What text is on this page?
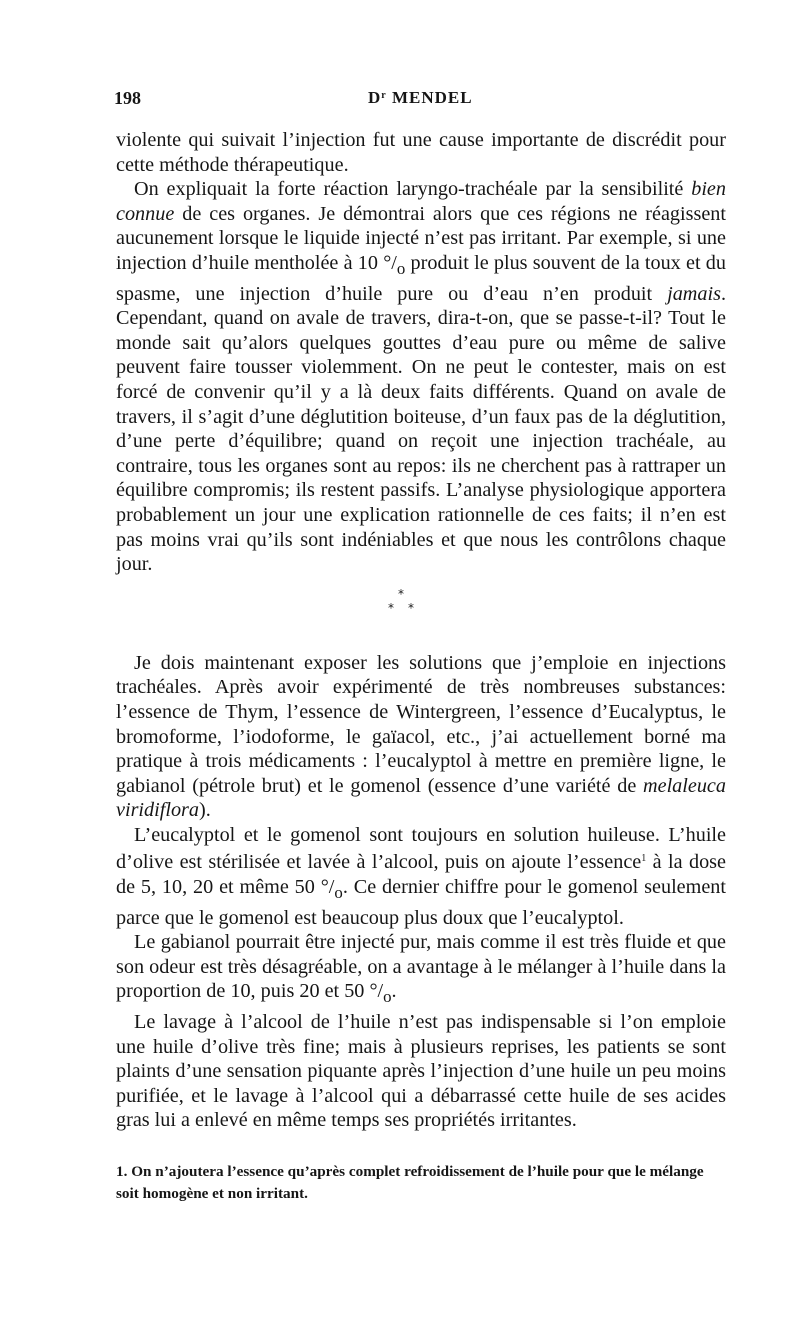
198	$D^r$ MENDEL

violente qui suivait l’injection fut une cause importante de discrédit pour cette méthode thérapeutique.

On expliquait la forte réaction laryngo-trachéale par la sensibilité bien connue de ces organes. Je démontrai alors que ces régions ne réagissent aucunement lorsque le liquide injecté n’est pas irritant. Par exemple, si une injection d’huile mentholée à 10 $^\circ/_o$ produit le plus souvent de la toux et du spasme, une injection d’huile pure ou d’eau n’en produit jamais. Cependant, quand on avale de travers, dira-t-on, que se passe-t-il? Tout le monde sait qu’alors quelques gouttes d’eau pure ou même de salive peuvent faire tousser violemment. On ne peut le contester, mais on est forcé de convenir qu’il y a là deux faits différents. Quand on avale de travers, il s’agit d’une déglutition boiteuse, d’un faux pas de la déglutition, d’une perte d’équilibre; quand on reçoit une injection trachéale, au contraire, tous les organes sont au repos: ils ne cherchent pas à rattraper un équilibre compromis; ils restent passifs. L’analyse physiologique apportera probablement un jour une explication rationnelle de ces faits; il n’en est pas moins vrai qu’ils sont indéniables et que nous les contrôlons chaque jour.

*
* *

Je dois maintenant exposer les solutions que j’emploie en injections trachéales. Après avoir expérimenté de très nombreuses substances: l’essence de Thym, l’essence de Wintergreen, l’essence d’Eucalyptus, le bromoforme, l’iodoforme, le gaïacol, etc., j’ai actuellement borné ma pratique à trois médicaments : l’eucalyptol à mettre en première ligne, le gabianol (pétrole brut) et le gomenol (essence d’une variété de melaleuca viridiflora).

L’eucalyptol et le gomenol sont toujours en solution huileuse. L’huile d’olive est stérilisée et lavée à l’alcool, puis on ajoute l’essence$^1$ à la dose de 5, 10, 20 et même 50 $^\circ/_o$. Ce dernier chiffre pour le gomenol seulement parce que le gomenol est beaucoup plus doux que l’eucalyptol.

Le gabianol pourrait être injecté pur, mais comme il est très fluide et que son odeur est très désagréable, on a avantage à le mélanger à l’huile dans la proportion de 10, puis 20 et 50 $^\circ/_o$.

Le lavage à l’alcool de l’huile n’est pas indispensable si l’on emploie une huile d’olive très fine; mais à plusieurs reprises, les patients se sont plaints d’une sensation piquante après l’injection d’une huile un peu moins purifiée, et le lavage à l’alcool qui a débarrassé cette huile de ses acides gras lui a enlevé en même temps ses propriétés irritantes.

1. On n’ajoutera l’essence qu’après complet refroidissement de l’huile pour que le mélange soit homogène et non irritant.
